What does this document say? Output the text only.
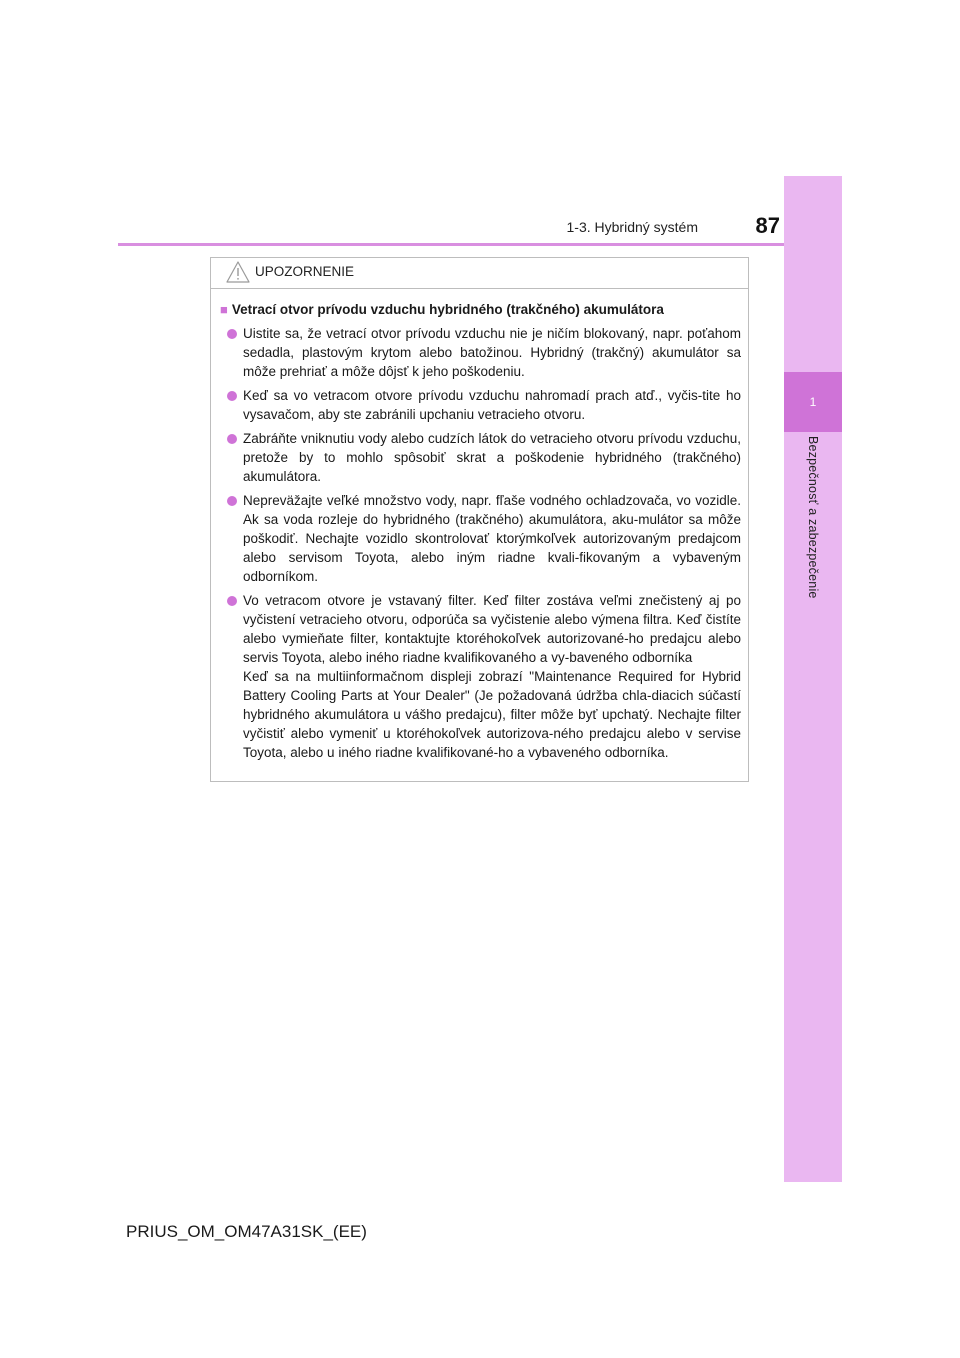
1
Bezpečnosť a zabezpečenie
1-3. Hybridný systém	87
UPOZORNENIE
■ Vetrací otvor prívodu vzduchu hybridného (trakčného) akumulátora
Uistite sa, že vetrací otvor prívodu vzduchu nie je ničím blokovaný, napr. poťahom sedadla, plastovým krytom alebo batožinou. Hybridný (trakčný) akumulátor sa môže prehriať a môže dôjsť k jeho poškodeniu.
Keď sa vo vetracom otvore prívodu vzduchu nahromadí prach atď., vyčis-tite ho vysavačom, aby ste zabránili upchaniu vetracieho otvoru.
Zabráňte vniknutiu vody alebo cudzích látok do vetracieho otvoru prívodu vzduchu, pretože by to mohlo spôsobiť skrat a poškodenie hybridného (trakčného) akumulátora.
Nepreväžajte veľké množstvo vody, napr. fľaše vodného ochladzovača, vo vozidle. Ak sa voda rozleje do hybridného (trakčného) akumulátora, aku-mulátor sa môže poškodiť. Nechajte vozidlo skontrolovať ktorýmkoľvek autorizovaným predajcom alebo servisom Toyota, alebo iným riadne kvali-fikovaným a vybaveným odborníkom.
Vo vetracom otvore je vstavaný filter. Keď filter zostáva veľmi znečistený aj po vyčistení vetracieho otvoru, odporúča sa vyčistenie alebo výmena filtra. Keď čistíte alebo vymieňate filter, kontaktujte ktoréhokoľvek autorizované-ho predajcu alebo servis Toyota, alebo iného riadne kvalifikovaného a vy-baveného odborníka
Keď sa na multiinformačnom displeji zobrazí "Maintenance Required for Hybrid Battery Cooling Parts at Your Dealer" (Je požadovaná údržba chla-diacich súčastí hybridného akumulátora u vášho predajcu), filter môže byť upchatý. Nechajte filter vyčistiť alebo vymeniť u ktoréhokoľvek autorizova-ného predajcu alebo v servise Toyota, alebo u iného riadne kvalifikované-ho a vybaveného odborníka.
PRIUS_OM_OM47A31SK_(EE)
